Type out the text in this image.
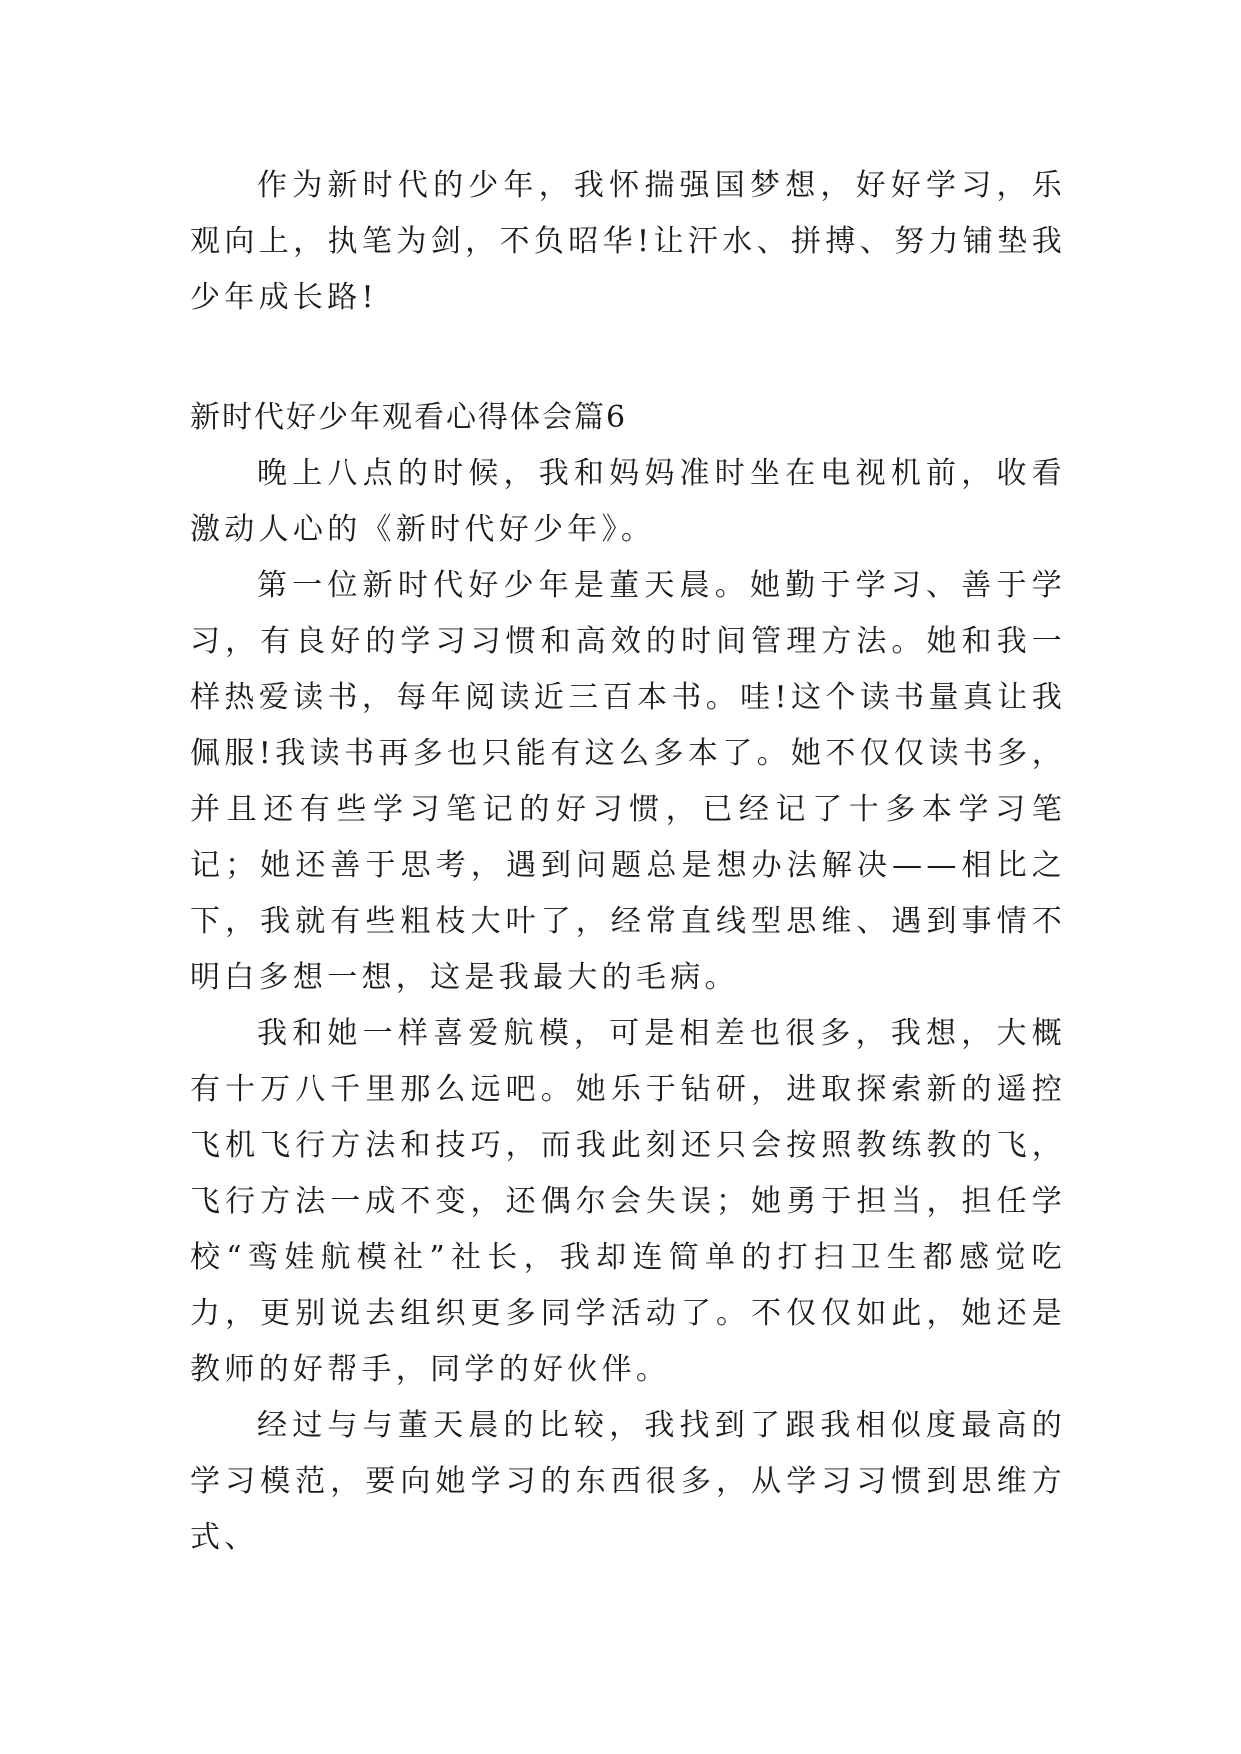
作为新时代的少年，我怀揣强国梦想，好好学习，乐观向上，执笔为剑，不负昭华!让汗水、拼搏、努力铺垫我少年成长路!

新时代好少年观看心得体会篇6

晚上八点的时候，我和妈妈准时坐在电视机前，收看激动人心的《新时代好少年》。

第一位新时代好少年是董天晨。她勤于学习、善于学习，有良好的学习习惯和高效的时间管理方法。她和我一样热爱读书，每年阅读近三百本书。哇!这个读书量真让我佩服!我读书再多也只能有这么多本了。她不仅仅读书多，并且还有些学习笔记的好习惯，已经记了十多本学习笔记；她还善于思考，遇到问题总是想办法解决——相比之下，我就有些粗枝大叶了，经常直线型思维、遇到事情不明白多想一想，这是我最大的毛病。

我和她一样喜爱航模，可是相差也很多，我想，大概有十万八千里那么远吧。她乐于钻研，进取探索新的遥控飞机飞行方法和技巧，而我此刻还只会按照教练教的飞，飞行方法一成不变，还偶尔会失误；她勇于担当，担任学校“鸾娃航模社”社长，我却连简单的打扫卫生都感觉吃力，更别说去组织更多同学活动了。不仅仅如此，她还是教师的好帮手，同学的好伙伴。

经过与与董天晨的比较，我找到了跟我相似度最高的学习模范，要向她学习的东西很多，从学习习惯到思维方式、
